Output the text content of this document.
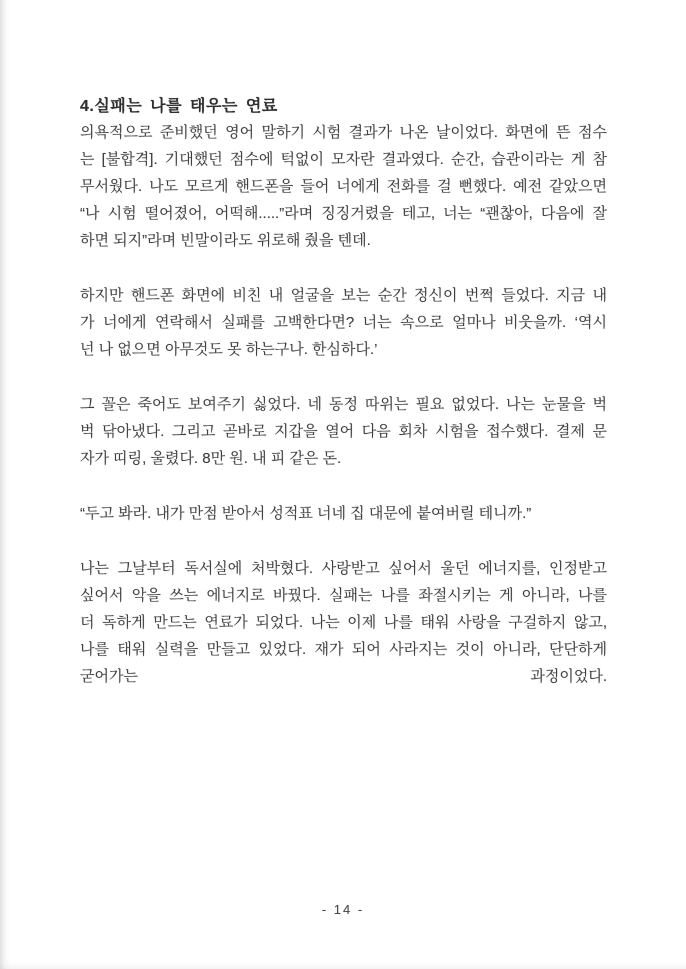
4.실패는 나를 태우는 연료

의욕적으로 준비했던 영어 말하기 시험 결과가 나온 날이었다. 화면에 뜬 점수
는 [불합격]. 기대했던 점수에 턱없이 모자란 결과였다. 순간, 습관이라는 게 참
무서웠다. 나도 모르게 핸드폰을 들어 너에게 전화를 걸 뻔했다. 예전 같았으면
“나 시험 떨어졌어, 어떡해.....”라며 징징거렸을 테고, 너는 “괜찮아, 다음에 잘
하면 되지”라며 빈말이라도 위로해 줬을 텐데.

하지만 핸드폰 화면에 비친 내 얼굴을 보는 순간 정신이 번쩍 들었다. 지금 내
가 너에게 연락해서 실패를 고백한다면? 너는 속으로 얼마나 비웃을까. ‘역시
넌 나 없으면 아무것도 못 하는구나. 한심하다.’

그 꼴은 죽어도 보여주기 싫었다. 네 동정 따위는 필요 없었다. 나는 눈물을 벅
벅 닦아냈다. 그리고 곧바로 지갑을 열어 다음 회차 시험을 접수했다. 결제 문
자가 띠링, 울렸다. 8만 원. 내 피 같은 돈.

“두고 봐라. 내가 만점 받아서 성적표 너네 집 대문에 붙여버릴 테니까.”

나는 그날부터 독서실에 처박혔다. 사랑받고 싶어서 울던 에너지를, 인정받고
싶어서 악을 쓰는 에너지로 바꿨다. 실패는 나를 좌절시키는 게 아니라, 나를
더 독하게 만드는 연료가 되었다. 나는 이제 나를 태워 사랑을 구걸하지 않고,
나를 태워 실력을 만들고 있었다. 재가 되어 사라지는 것이 아니라, 단단하게
굳어가는 과정이었다.

- 14 -
